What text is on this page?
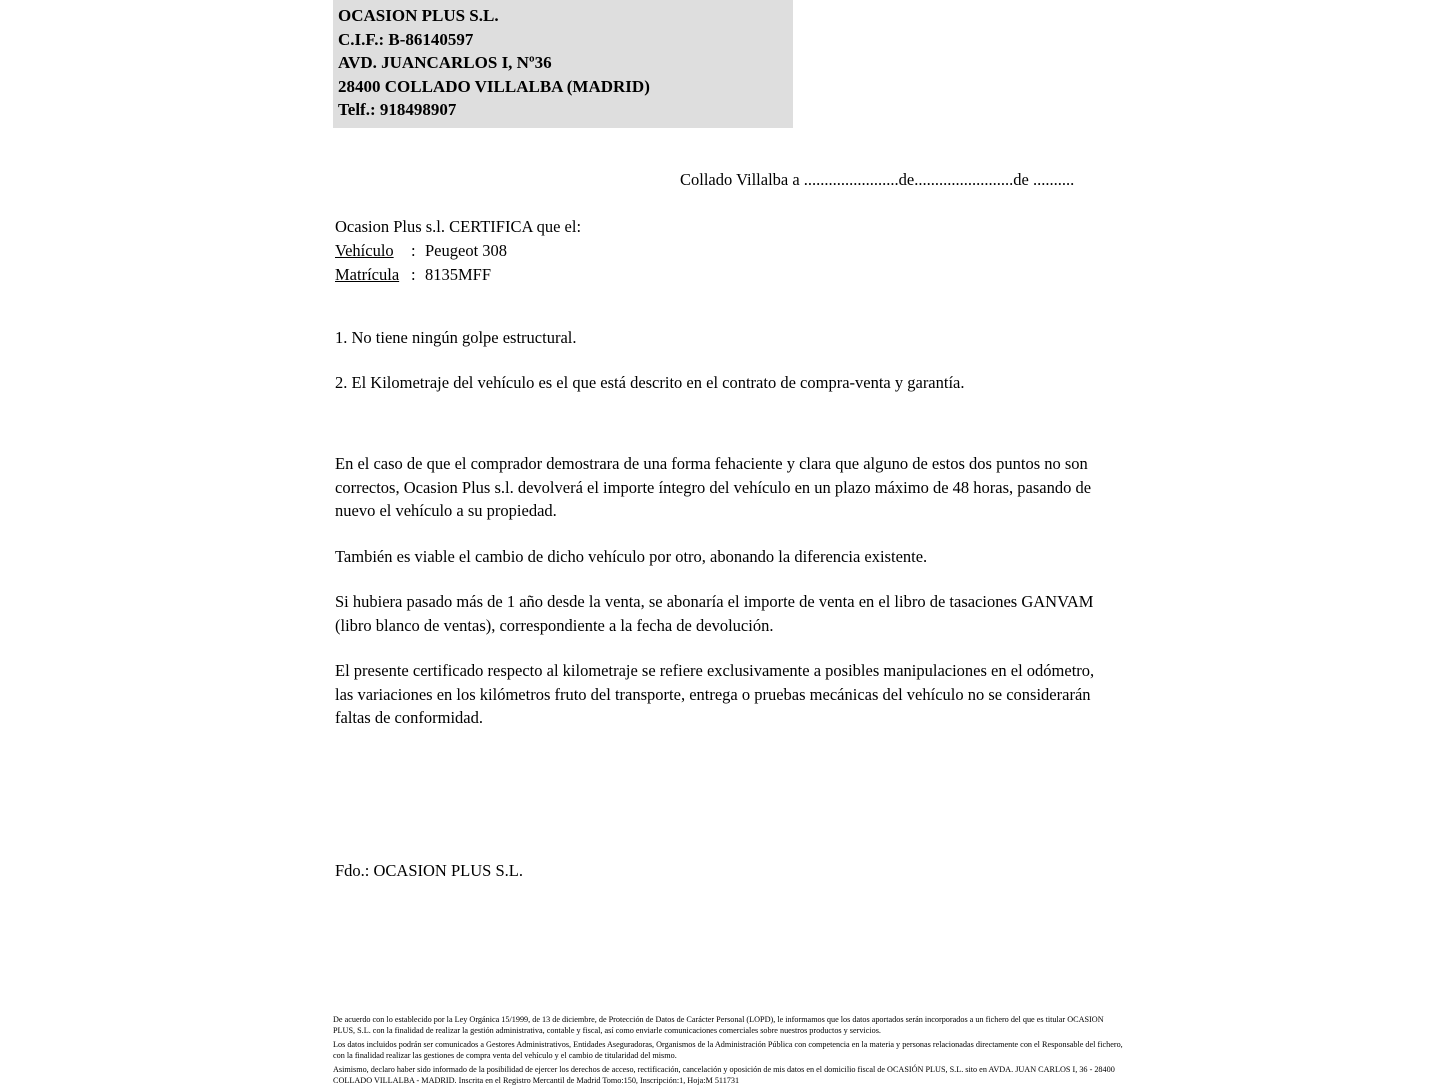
OCASION PLUS S.L.
C.I.F.: B-86140597
AVD. JUANCARLOS I, Nº36
28400 COLLADO VILLALBA (MADRID)
Telf.: 918498907
Collado Villalba a .......................de........................de ..........
Ocasion Plus s.l. CERTIFICA que el:
Vehículo : Peugeot 308
Matrícula : 8135MFF
1. No tiene ningún golpe estructural.
2. El Kilometraje del vehículo es el que está descrito en el contrato de compra-venta y garantía.
En el caso de que el comprador demostrara de una forma fehaciente y clara que alguno de estos dos puntos no son correctos, Ocasion Plus s.l. devolverá el importe íntegro del vehículo en un plazo máximo de 48 horas, pasando de nuevo el vehículo a su propiedad.
También es viable el cambio de dicho vehículo por otro, abonando la diferencia existente.
Si hubiera pasado más de 1 año desde la venta, se abonaría el importe de venta en el libro de tasaciones GANVAM (libro blanco de ventas), correspondiente a la fecha de devolución.
El presente certificado respecto al kilometraje se refiere exclusivamente a posibles manipulaciones en el odómetro, las variaciones en los kilómetros fruto del transporte, entrega o pruebas mecánicas del vehículo no se considerarán faltas de conformidad.
Fdo.: OCASION PLUS S.L.

De acuerdo con lo establecido por la Ley Orgánica 15/1999, de 13 de diciembre, de Protección de Datos de Carácter Personal (LOPD), le informamos que los datos aportados serán incorporados a un fichero del que es titular OCASION PLUS, S.L. con la finalidad de realizar la gestión administrativa, contable y fiscal, así como enviarle comunicaciones comerciales sobre nuestros productos y servicios.

Los datos incluidos podrán ser comunicados a Gestores Administrativos, Entidades Aseguradoras, Organismos de la Administración Pública con competencia en la materia y personas relacionadas directamente con el Responsable del fichero, con la finalidad realizar las gestiones de compra venta del vehículo y el cambio de titularidad del mismo.

Asimismo, declaro haber sido informado de la posibilidad de ejercer los derechos de acceso, rectificación, cancelación y oposición de mis datos en el domicilio fiscal de OCASIÓN PLUS, S.L. sito en AVDA. JUAN CARLOS I, 36 - 28400 COLLADO VILLALBA - MADRID. Inscrita en el Registro Mercantil de Madrid Tomo:150, Inscripción:1, Hoja:M 511731
